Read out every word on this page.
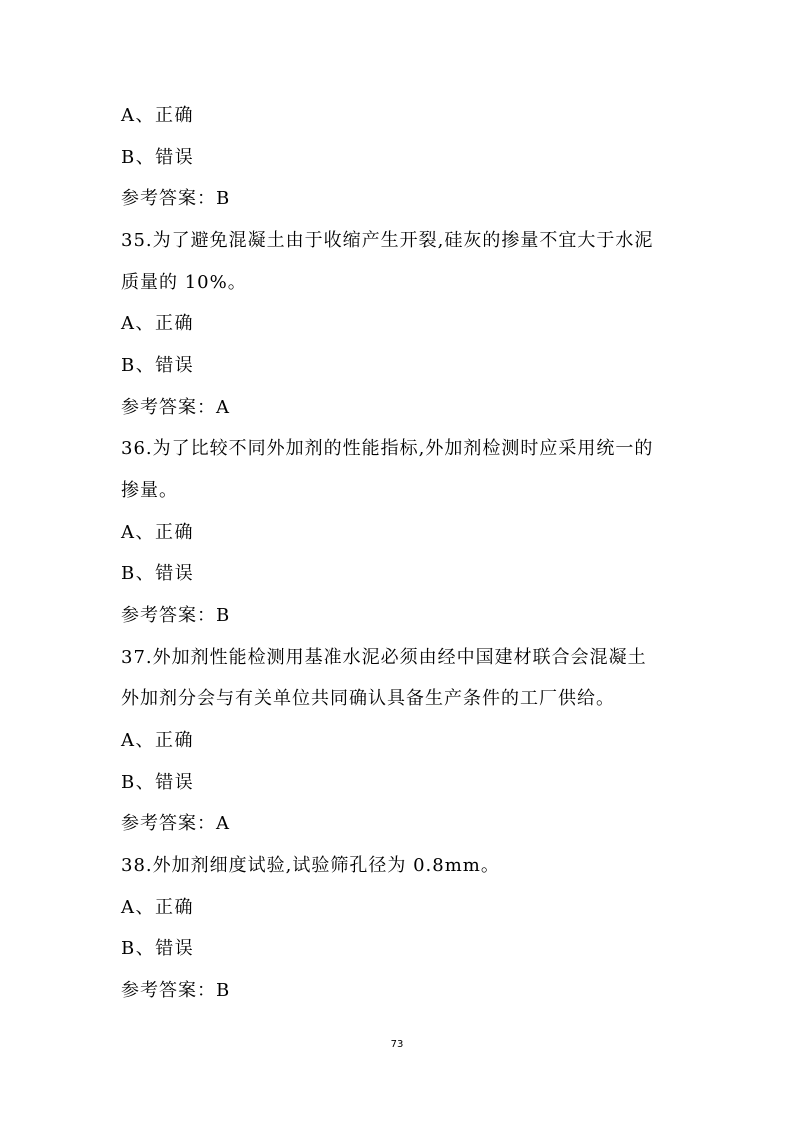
A、正确
B、错误
参考答案：B
35.为了避免混凝土由于收缩产生开裂,硅灰的掺量不宜大于水泥
质量的 10%。
A、正确
B、错误
参考答案：A
36.为了比较不同外加剂的性能指标,外加剂检测时应采用统一的
掺量。
A、正确
B、错误
参考答案：B
37.外加剂性能检测用基准水泥必须由经中国建材联合会混凝土
外加剂分会与有关单位共同确认具备生产条件的工厂供给。
A、正确
B、错误
参考答案：A
38.外加剂细度试验,试验筛孔径为 0.8mm。
A、正确
B、错误
参考答案：B
73
